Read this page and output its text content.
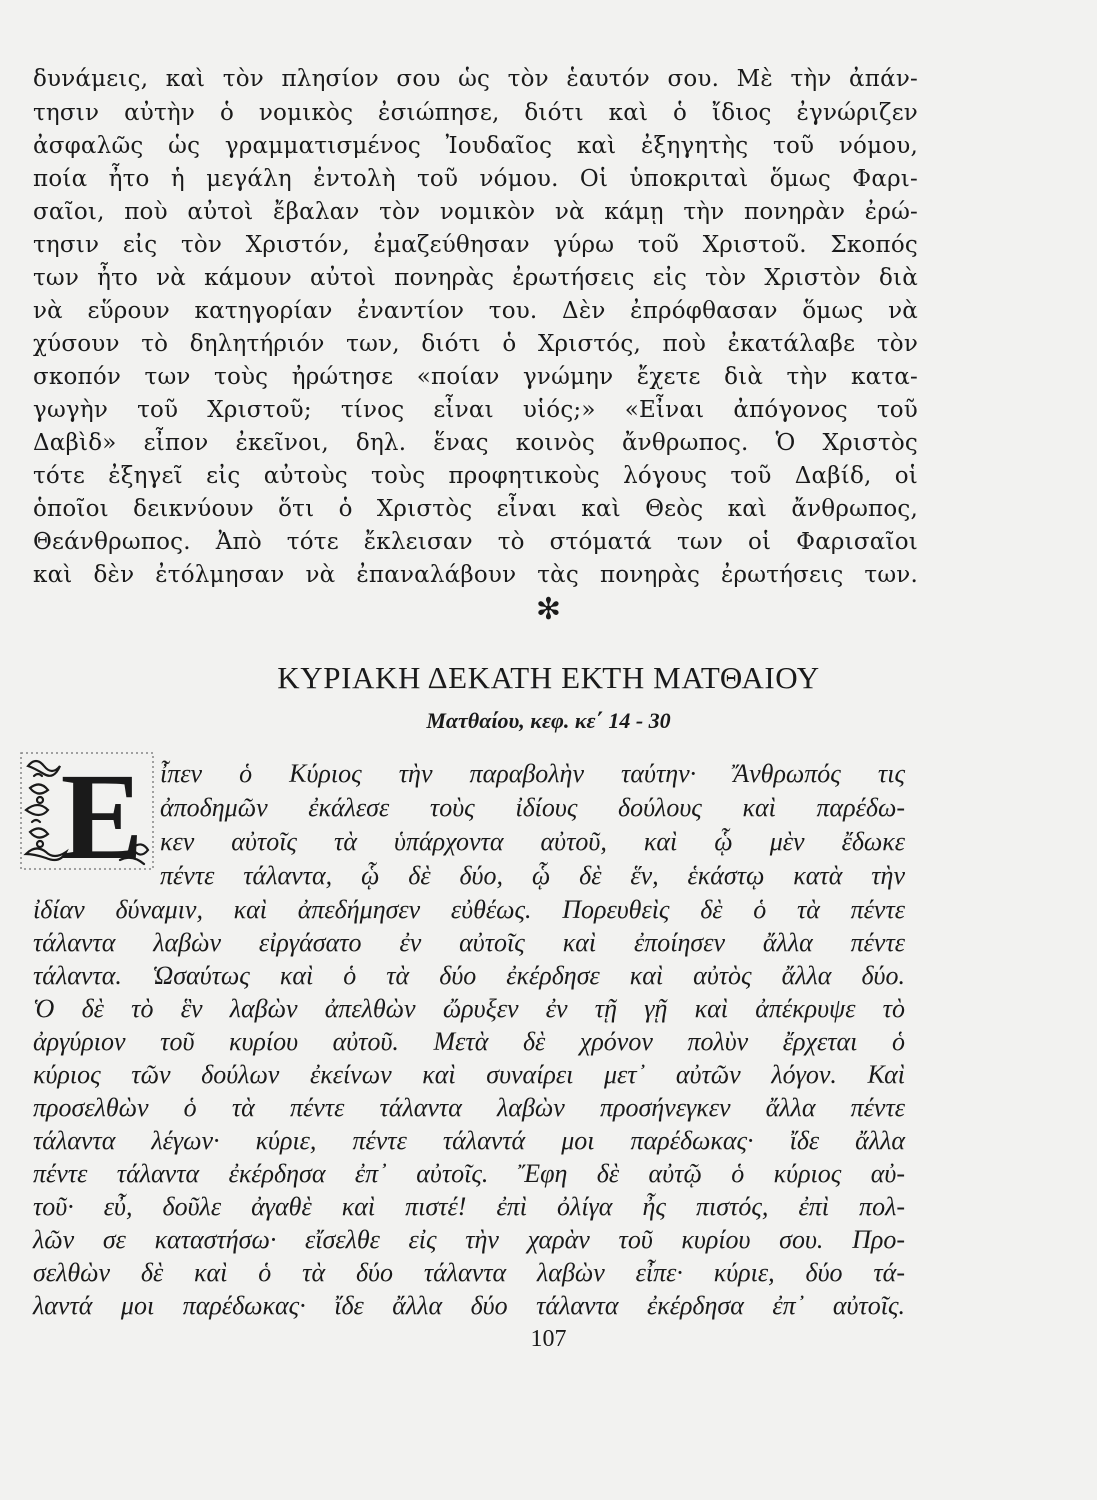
δυνάμεις, καὶ τὸν πλησίον σου ὡς τὸν ἑαυτόν σου. Μὲ τὴν ἀπάν-
τησιν αὐτὴν ὁ νομικὸς ἐσιώπησε, διότι καὶ ὁ ἴδιος ἐγνώριζεν
ἀσφαλῶς ὡς γραμματισμένος Ἰουδαῖος καὶ ἐξηγητὴς τοῦ νόμου,
ποία ἦτο ἡ μεγάλη ἐντολὴ τοῦ νόμου. Οἱ ὑποκριταὶ ὅμως Φαρι-
σαῖοι, ποὺ αὐτοὶ ἔβαλαν τὸν νομικὸν νὰ κάμῃ τὴν πονηρὰν ἐρώ-
τησιν εἰς τὸν Χριστόν, ἐμαζεύθησαν γύρω τοῦ Χριστοῦ. Σκοπός
των ἦτο νὰ κάμουν αὐτοὶ πονηρὰς ἐρωτήσεις εἰς τὸν Χριστὸν διὰ
νὰ εὕρουν κατηγορίαν ἐναντίον του. Δὲν ἐπρόφθασαν ὅμως νὰ
χύσουν τὸ δηλητήριόν των, διότι ὁ Χριστός, ποὺ ἐκατάλαβε τὸν
σκοπόν των τοὺς ἠρώτησε «ποίαν γνώμην ἔχετε διὰ τὴν κατα-
γωγὴν τοῦ Χριστοῦ; τίνος εἶναι υἱός;» «Εἶναι ἀπόγονος τοῦ
Δαβὶδ» εἶπον ἐκεῖνοι, δηλ. ἕνας κοινὸς ἄνθρωπος. Ὁ Χριστὸς
τότε ἐξηγεῖ εἰς αὐτοὺς τοὺς προφητικοὺς λόγους τοῦ Δαβίδ, οἱ
ὁποῖοι δεικνύουν ὅτι ὁ Χριστὸς εἶναι καὶ Θεὸς καὶ ἄνθρωπος,
Θεάνθρωπος. Ἀπὸ τότε ἔκλεισαν τὸ στόματά των οἱ Φαρισαῖοι
καὶ δὲν ἐτόλμησαν νὰ ἐπαναλάβουν τὰς πονηρὰς ἐρωτήσεις των.
✻
ΚΥΡΙΑΚΗ ΔΕΚΑΤΗ ΕΚΤΗ ΜΑΤΘΑΙΟΥ
Ματθαίου, κεφ. κε΄ 14 - 30
Ε ἶπεν ὁ Κύριος τὴν παραβολὴν ταύτην· Ἄνθρωπός τις
ἀποδημῶν ἐκάλεσε τοὺς ἰδίους δούλους καὶ παρέδω-
κεν αὐτοῖς τὰ ὑπάρχοντα αὐτοῦ, καὶ ᾧ μὲν ἔδωκε
πέντε τάλαντα, ᾧ δὲ δύο, ᾧ δὲ ἕν, ἑκάστῳ κατὰ τὴν
ἰδίαν δύναμιν, καὶ ἀπεδήμησεν εὐθέως. Πορευθεὶς δὲ ὁ τὰ πέντε
τάλαντα λαβὼν εἰργάσατο ἐν αὐτοῖς καὶ ἐποίησεν ἄλλα πέντε
τάλαντα. Ὡσαύτως καὶ ὁ τὰ δύο ἐκέρδησε καὶ αὐτὸς ἄλλα δύο.
Ὁ δὲ τὸ ἓν λαβὼν ἀπελθὼν ὤρυξεν ἐν τῇ γῇ καὶ ἀπέκρυψε τὸ
ἀργύριον τοῦ κυρίου αὐτοῦ. Μετὰ δὲ χρόνον πολὺν ἔρχεται ὁ
κύριος τῶν δούλων ἐκείνων καὶ συναίρει μετ᾽ αὐτῶν λόγον. Καὶ
προσελθὼν ὁ τὰ πέντε τάλαντα λαβὼν προσήνεγκεν ἄλλα πέντε
τάλαντα λέγων· κύριε, πέντε τάλαντά μοι παρέδωκας· ἴδε ἄλλα
πέντε τάλαντα ἐκέρδησα ἐπ᾽ αὐτοῖς. Ἔφη δὲ αὐτῷ ὁ κύριος αὐ-
τοῦ· εὖ, δοῦλε ἀγαθὲ καὶ πιστέ! ἐπὶ ὀλίγα ἦς πιστός, ἐπὶ πολ-
λῶν σε καταστήσω· εἴσελθε εἰς τὴν χαρὰν τοῦ κυρίου σου. Προ-
σελθὼν δὲ καὶ ὁ τὰ δύο τάλαντα λαβὼν εἶπε· κύριε, δύο τά-
λαντά μοι παρέδωκας· ἴδε ἄλλα δύο τάλαντα ἐκέρδησα ἐπ᾽ αὐτοῖς.
107
